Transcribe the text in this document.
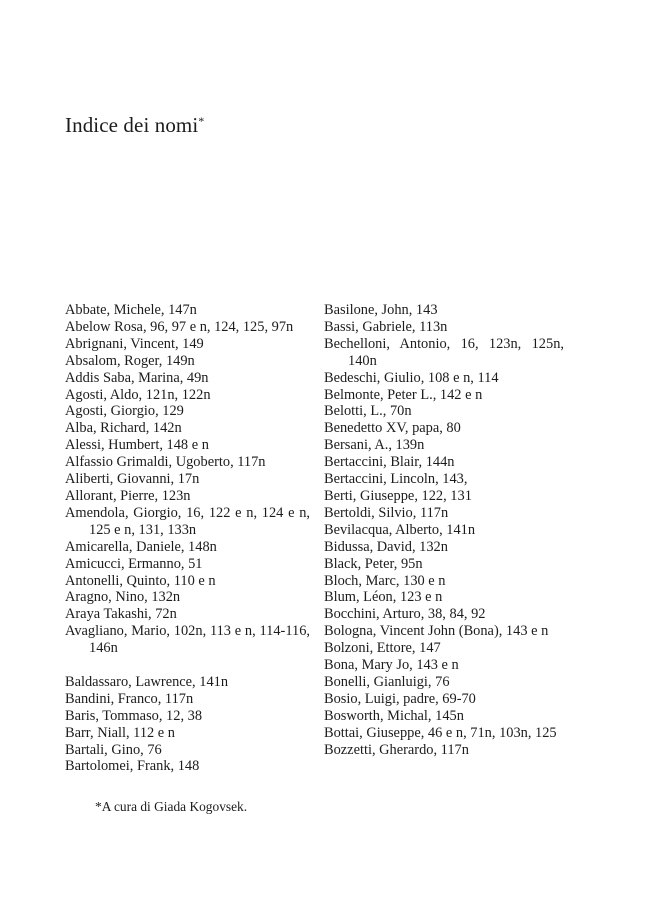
Indice dei nomi*
Abbate, Michele, 147n
Abelow Rosa, 96, 97 e n, 124, 125, 97n
Abrignani, Vincent, 149
Absalom, Roger, 149n
Addis Saba, Marina, 49n
Agosti, Aldo, 121n, 122n
Agosti, Giorgio, 129
Alba, Richard, 142n
Alessi, Humbert, 148 e n
Alfassio Grimaldi, Ugoberto, 117n
Aliberti, Giovanni, 17n
Allorant, Pierre, 123n
Amendola, Giorgio, 16, 122 e n, 124 e n, 125 e n, 131, 133n
Amicarella, Daniele, 148n
Amicucci, Ermanno, 51
Antonelli, Quinto, 110 e n
Aragno, Nino, 132n
Araya Takashi, 72n
Avagliano, Mario, 102n, 113 e n, 114-116, 146n
Baldassaro, Lawrence, 141n
Bandini, Franco, 117n
Baris, Tommaso, 12, 38
Barr, Niall, 112 e n
Bartali, Gino, 76
Bartolomei, Frank, 148
Basilone, John, 143
Bassi, Gabriele, 113n
Bechelloni, Antonio, 16, 123n, 125n, 140n
Bedeschi, Giulio, 108 e n, 114
Belmonte, Peter L., 142 e n
Belotti, L., 70n
Benedetto XV, papa, 80
Bersani, A., 139n
Bertaccini, Blair, 144n
Bertaccini, Lincoln, 143,
Berti, Giuseppe, 122, 131
Bertoldi, Silvio, 117n
Bevilacqua, Alberto, 141n
Bidussa, David, 132n
Black, Peter, 95n
Bloch, Marc, 130 e n
Blum, Léon, 123 e n
Bocchini, Arturo, 38, 84, 92
Bologna, Vincent John (Bona), 143 e n
Bolzoni, Ettore, 147
Bona, Mary Jo, 143 e n
Bonelli, Gianluigi, 76
Bosio, Luigi, padre, 69-70
Bosworth, Michal, 145n
Bottai, Giuseppe, 46 e n, 71n, 103n, 125
Bozzetti, Gherardo, 117n
*A cura di Giada Kogovsek.
